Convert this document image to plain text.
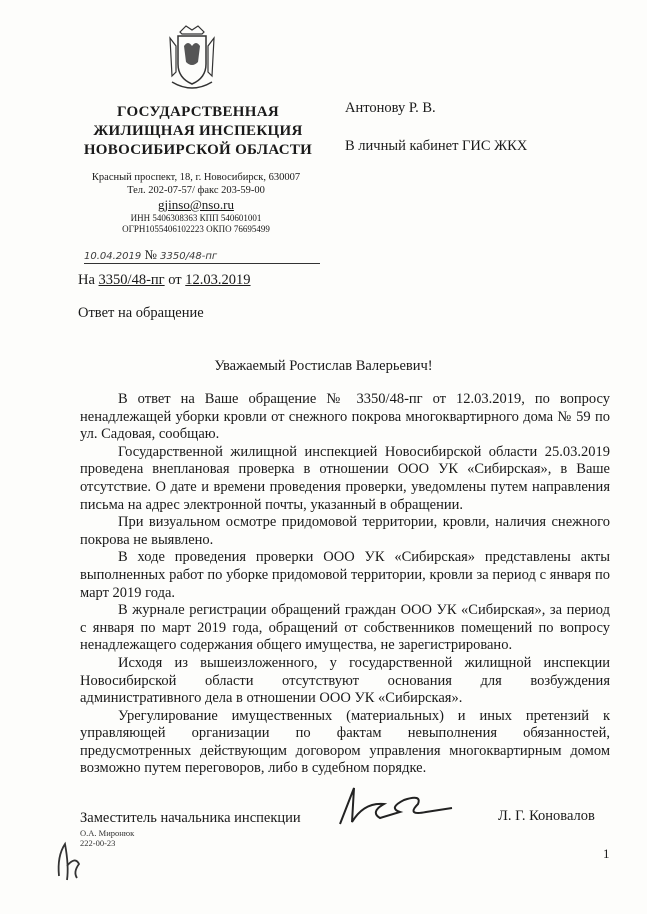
ГОСУДАРСТВЕННАЯ
ЖИЛИЩНАЯ ИНСПЕКЦИЯ
НОВОСИБИРСКОЙ ОБЛАСТИ
Красный проспект, 18, г. Новосибирск, 630007
Тел. 202-07-57/ факс 203-59-00
gjinso@nso.ru
ИНН 5406308363 КПП 540601001
ОГРН1055406102223 ОКПО 76695499
10.04.2019 № 3350/48-пг
На 3350/48-пг от 12.03.2019
Антонову Р. В.
В личный кабинет ГИС ЖКХ
Ответ на обращение
Уважаемый Ростислав Валерьевич!

В ответ на Ваше обращение № 3350/48-пг от 12.03.2019, по вопросу ненадлежащей уборки кровли от снежного покрова многоквартирного дома № 59 по ул. Садовая, сообщаю.

Государственной жилищной инспекцией Новосибирской области 25.03.2019 проведена внеплановая проверка в отношении ООО УК «Сибирская», в Ваше отсутствие. О дате и времени проведения проверки, уведомлены путем направления письма на адрес электронной почты, указанный в обращении.

При визуальном осмотре придомовой территории, кровли, наличия снежного покрова не выявлено.

В ходе проведения проверки ООО УК «Сибирская» представлены акты выполненных работ по уборке придомовой территории, кровли за период с января по март 2019 года.

В журнале регистрации обращений граждан ООО УК «Сибирская», за период с января по март 2019 года, обращений от собственников помещений по вопросу ненадлежащего содержания общего имущества, не зарегистрировано.

Исходя из вышеизложенного, у государственной жилищной инспекции Новосибирской области отсутствуют основания для возбуждения административного дела в отношении ООО УК «Сибирская».

Урегулирование имущественных (материальных) и иных претензий к управляющей организации по фактам невыполнения обязанностей, предусмотренных действующим договором управления многоквартирным домом возможно путем переговоров, либо в судебном порядке.

Заместитель начальника инспекции	Л. Г. Коновалов
О.А. Миронюк
222-00-23
1
